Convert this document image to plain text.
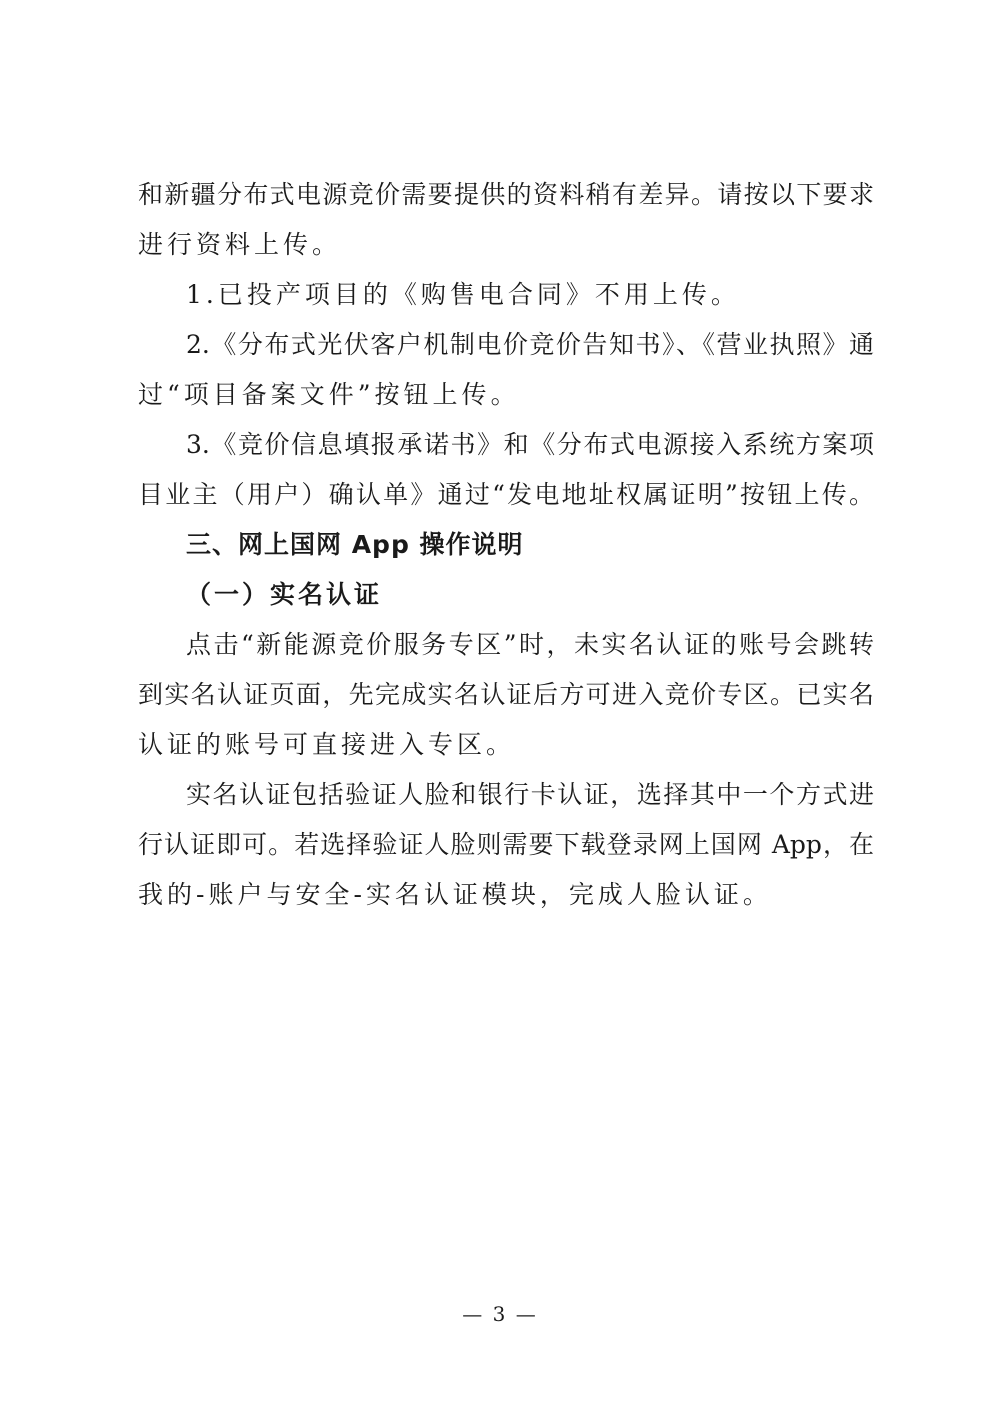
和新疆分布式电源竞价需要提供的资料稍有差异。请按以下要求
进行资料上传。
1.已投产项目的《购售电合同》不用上传。
2.《分布式光伏客户机制电价竞价告知书》、《营业执照》通
过“项目备案文件”按钮上传。
3.《竞价信息填报承诺书》和《分布式电源接入系统方案项
目业主（用户）确认单》通过“发电地址权属证明”按钮上传。
三、网上国网 App 操作说明
（一）实名认证
点击“新能源竞价服务专区”时，未实名认证的账号会跳转
到实名认证页面，先完成实名认证后方可进入竞价专区。已实名
认证的账号可直接进入专区。
实名认证包括验证人脸和银行卡认证，选择其中一个方式进
行认证即可。若选择验证人脸则需要下载登录网上国网 App，在
我的-账户与安全-实名认证模块，完成人脸认证。
— 3 —
